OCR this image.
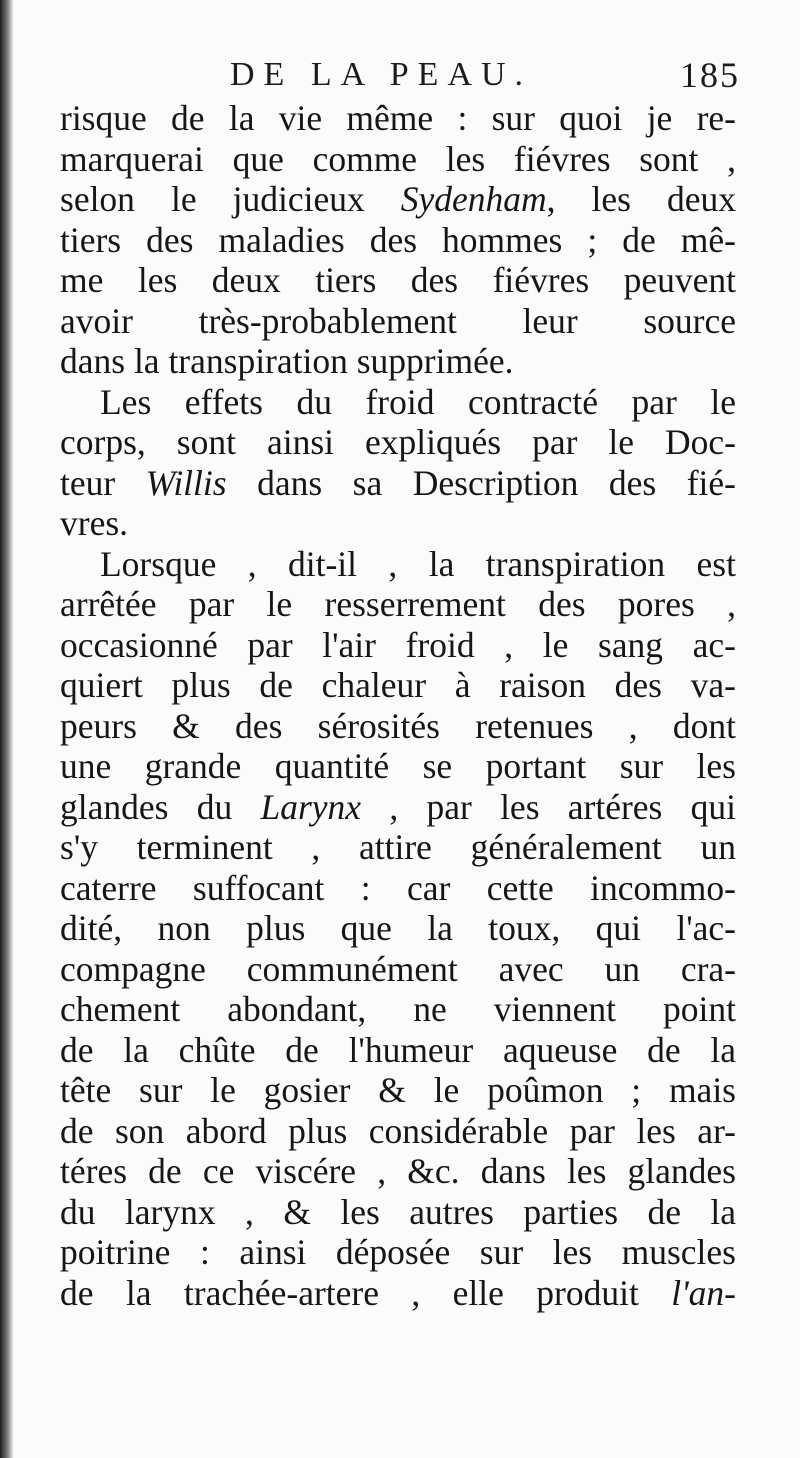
DE LA PEAU.	185
risque de la vie même : sur quoi je re-
marquerai que comme les fiévres sont ,
selon le judicieux Sydenham, les deux
tiers des maladies des hommes ; de mê-
me les deux tiers des fiévres peuvent
avoir très-probablement leur source
dans la transpiration supprimée.
Les effets du froid contracté par le
corps, sont ainsi expliqués par le Doc-
teur Willis dans sa Description des fié-
vres.
Lorsque , dit-il , la transpiration est
arrêtée par le resserrement des pores ,
occasionné par l'air froid , le sang ac-
quiert plus de chaleur à raison des va-
peurs & des sérosités retenues , dont
une grande quantité se portant sur les
glandes du Larynx , par les artéres qui
s'y terminent , attire généralement un
caterre suffocant : car cette incommo-
dité, non plus que la toux, qui l'ac-
compagne communément avec un cra-
chement abondant, ne viennent point
de la chûte de l'humeur aqueuse de la
tête sur le gosier & le poûmon ; mais
de son abord plus considérable par les ar-
téres de ce viscére , &c. dans les glandes
du larynx , & les autres parties de la
poitrine : ainsi déposée sur les muscles
de la trachée-artere , elle produit l'an-
